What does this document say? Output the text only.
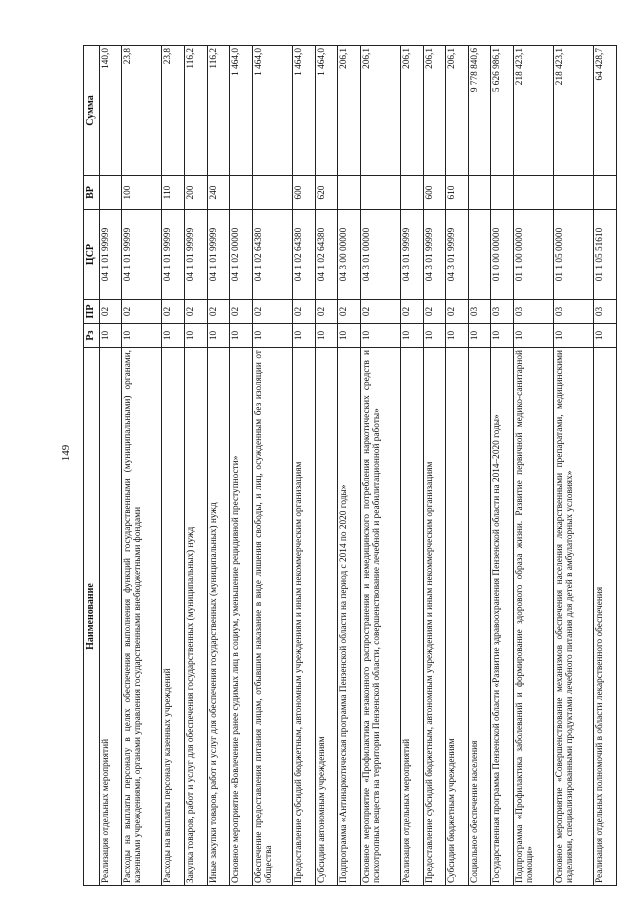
149
Наименование	Рз	ПР	ЦСР	ВР	Сумма
Реализация отдельных мероприятий	10	02	04 1 01 99999		140,0
Расходы на выплаты персоналу в целях обеспечения выполнения функций государственными (муниципальными) органами, казенными учреждениями, органами управления государственными внебюджетными фондами	10	02	04 1 01 99999	100	23,8
Расходы на выплаты персоналу казенных учреждений	10	02	04 1 01 99999	110	23,8
Закупка товаров, работ и услуг для обеспечения государственных (муниципальных) нужд	10	02	04 1 01 99999	200	116,2
Иные закупки товаров, работ и услуг для обеспечения государственных (муниципальных) нужд	10	02	04 1 01 99999	240	116,2
Основное мероприятие «Вовлечение ранее судимых лиц в социум, уменьшение рецидивной преступности»	10	02	04 1 02 00000		1 464,0
Обеспечение предоставления питания лицам, отбывшим наказание в виде лишения свободы, и лиц, осужденным без изоляции от общества	10	02	04 1 02 64380		1 464,0
Предоставление субсидий бюджетным, автономным учреждениям и иным некоммерческим организациям	10	02	04 1 02 64380	600	1 464,0
Субсидии автономным учреждениям	10	02	04 1 02 64380	620	1 464,0
Подпрограмма «Антинаркотическая программа Пензенской области на период с 2014 по 2020 годы»	10	02	04 3 00 00000		206,1
Основное мероприятие «Профилактика незаконного распространения и немедицинского потребления наркотических средств и психотропных веществ на территории Пензенской области, совершенствование лечебной и реабилитационной работы»	10	02	04 3 01 00000		206,1
Реализация отдельных мероприятий	10	02	04 3 01 99999		206,1
Предоставление субсидий бюджетным, автономным учреждениям и иным некоммерческим организациям	10	02	04 3 01 99999	600	206,1
Субсидии бюджетным учреждениям	10	02	04 3 01 99999	610	206,1
Социальное обеспечение населения	10	03			9 778 840,6
Государственная программа Пензенской области «Развитие здравоохранения Пензенской области на 2014–2020 годы»	10	03	01 0 00 00000		5 626 986,1
Подпрограмма «Профилактика заболеваний и формирование здорового образа жизни. Развитие первичной медико-санитарной помощи»	10	03	01 1 00 00000		218 423,1
Основное мероприятие «Совершенствование механизмов обеспечения населения лекарственными препаратами, медицинскими изделиями, специализированными продуктами лечебного питания для детей в амбулаторных условиях»	10	03	01 1 05 00000		218 423,1
Реализация отдельных полномочий в области лекарственного обеспечения	10	03	01 1 05 51610		64 428,7
